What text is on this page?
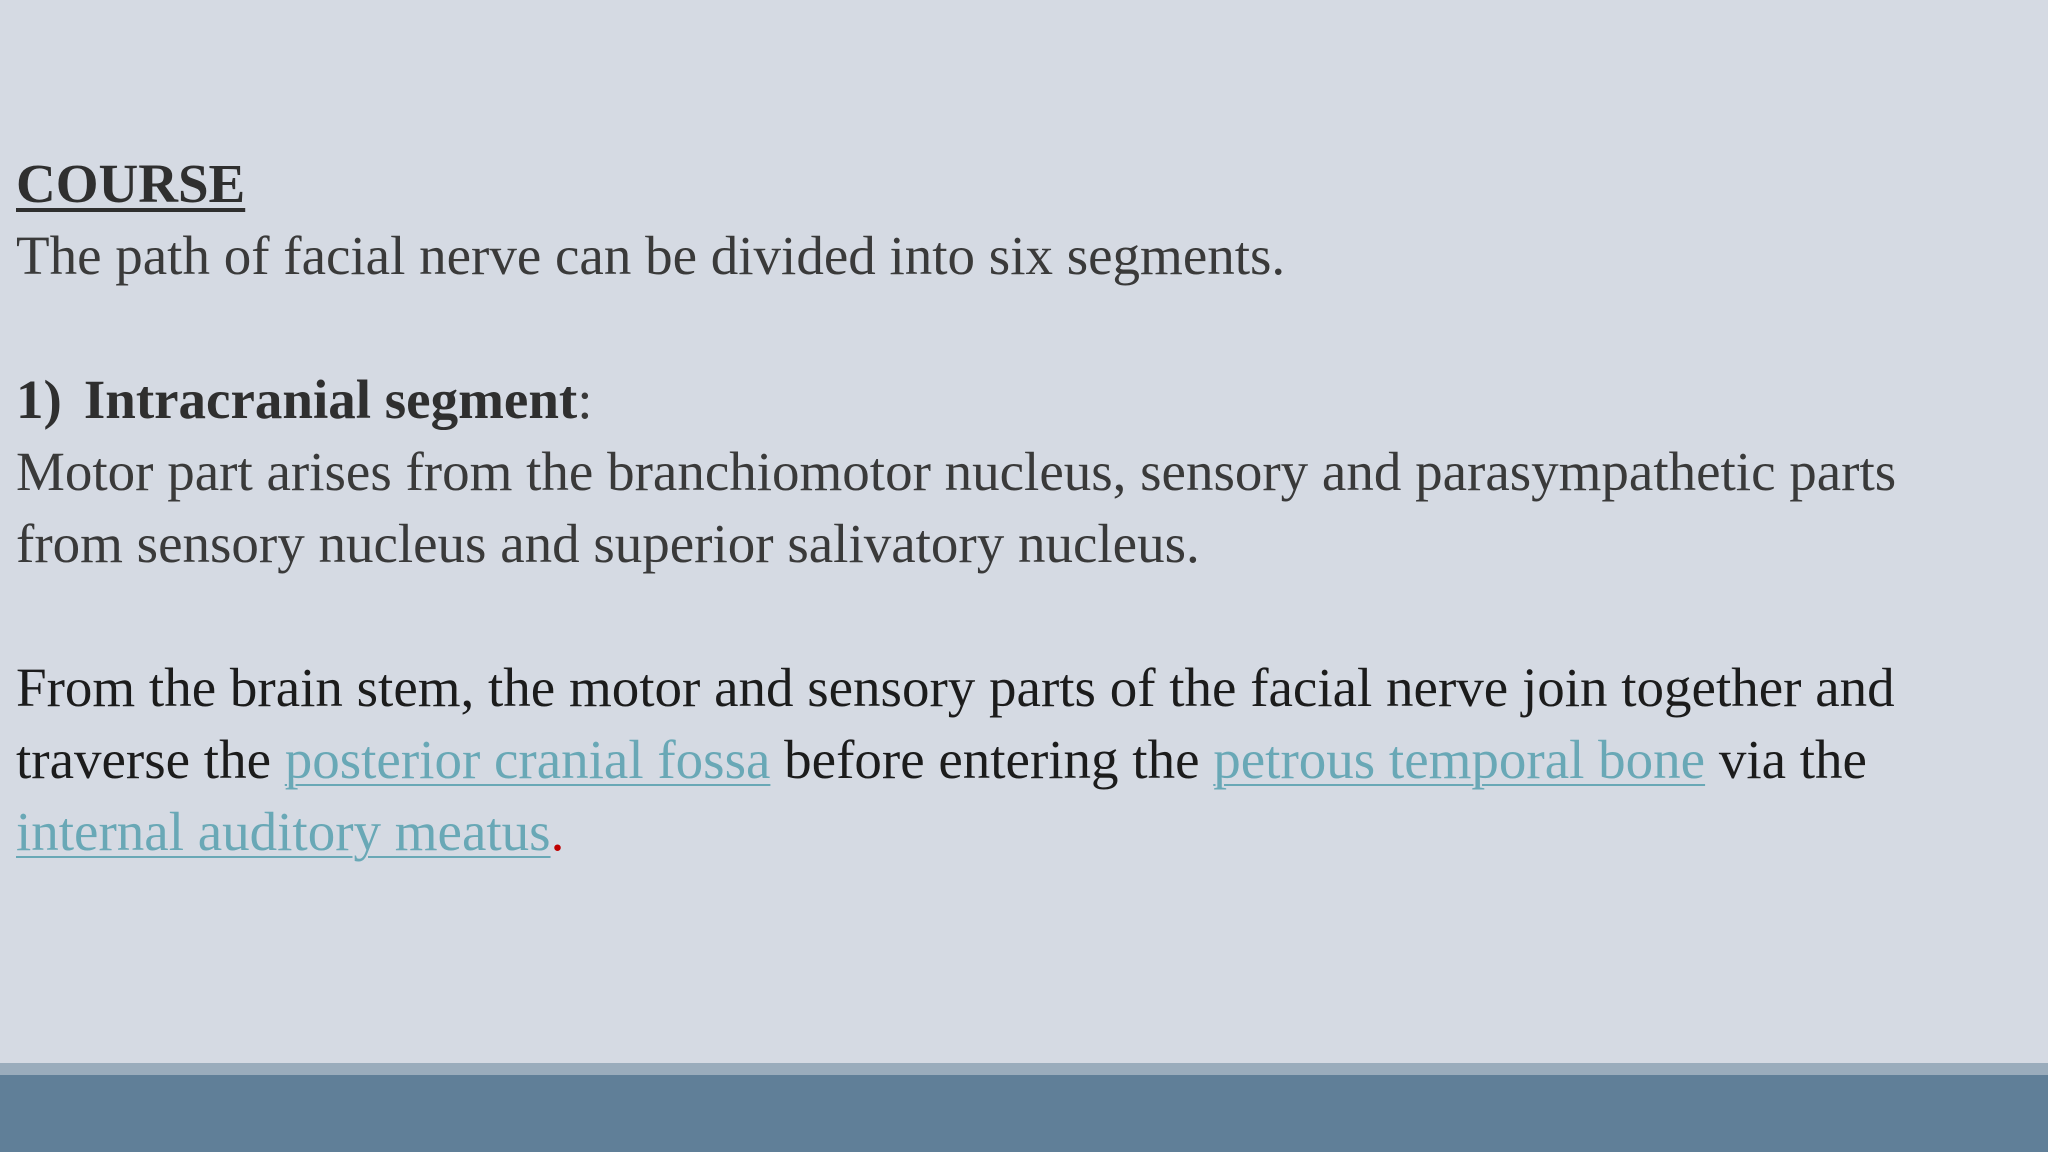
COURSE

The path of facial nerve can be divided into six segments.

1) Intracranial segment:

Motor part arises from the branchiomotor nucleus, sensory and parasympathetic parts from sensory nucleus and superior salivatory nucleus.

From the brain stem, the motor and sensory parts of the facial nerve join together and traverse the posterior cranial fossa before entering the petrous temporal bone via the internal auditory meatus.
